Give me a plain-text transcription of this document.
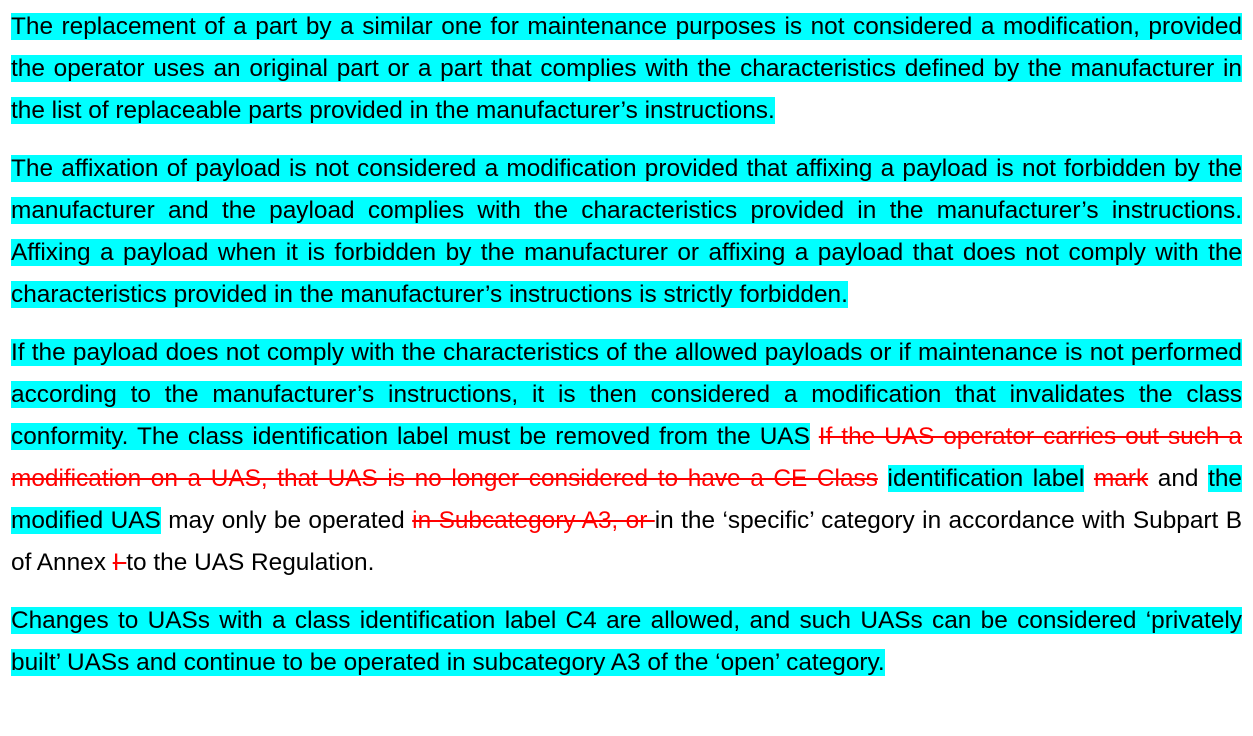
The replacement of a part by a similar one for maintenance purposes is not considered a modification, provided the operator uses an original part or a part that complies with the characteristics defined by the manufacturer in the list of replaceable parts provided in the manufacturer’s instructions.

The affixation of payload is not considered a modification provided that affixing a payload is not forbidden by the manufacturer and the payload complies with the characteristics provided in the manufacturer’s instructions. Affixing a payload when it is forbidden by the manufacturer or affixing a payload that does not comply with the characteristics provided in the manufacturer’s instructions is strictly forbidden.

If the payload does not comply with the characteristics of the allowed payloads or if maintenance is not performed according to the manufacturer’s instructions, it is then considered a modification that invalidates the class conformity. The class identification label must be removed from the UAS If the UAS operator carries out such a modification on a UAS, that UAS is no longer considered to have a CE Class identification label mark and the modified UAS may only be operated in Subcategory A3, or in the ‘specific’ category in accordance with Subpart B of Annex I to the UAS Regulation.

Changes to UASs with a class identification label C4 are allowed, and such UASs can be considered ‘privately built’ UASs and continue to be operated in subcategory A3 of the ‘open’ category.
